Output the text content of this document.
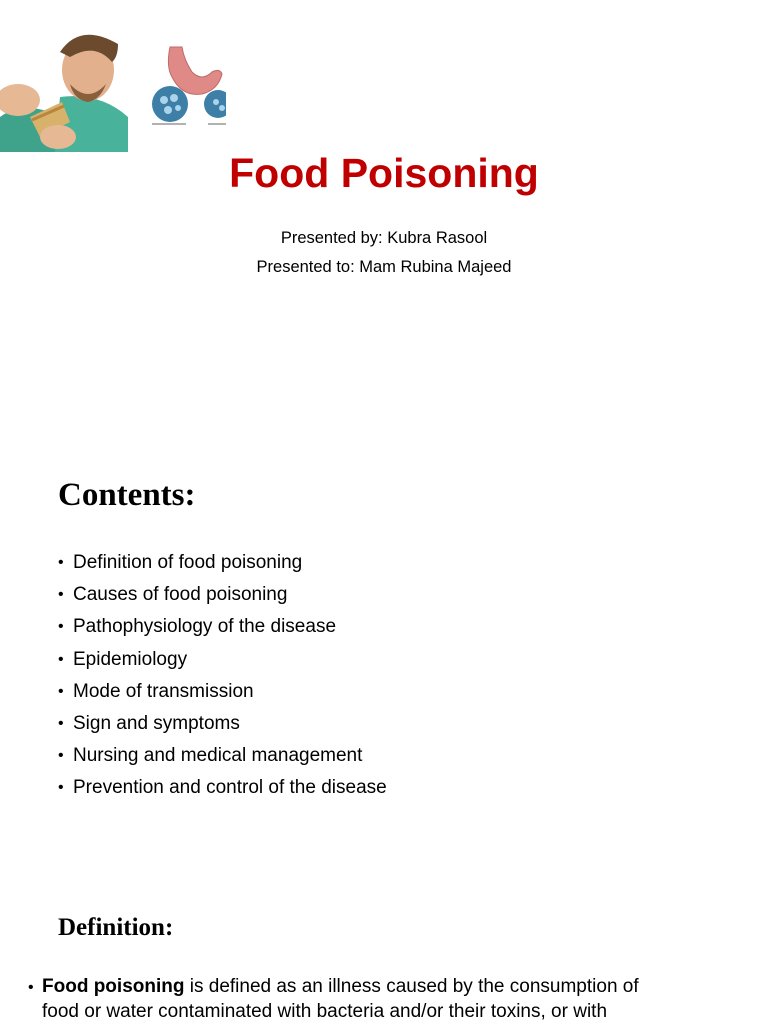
Food Poisoning
Presented by: Kubra Rasool
Presented to: Mam Rubina Majeed
Contents:
• Definition of food poisoning
• Causes of food poisoning
• Pathophysiology of the disease
• Epidemiology
• Mode of transmission
• Sign and symptoms
• Nursing and medical management
• Prevention and control of the disease
Definition:
• Food poisoning is defined as an illness caused by the consumption of
food or water contaminated with bacteria and/or their toxins, or with
